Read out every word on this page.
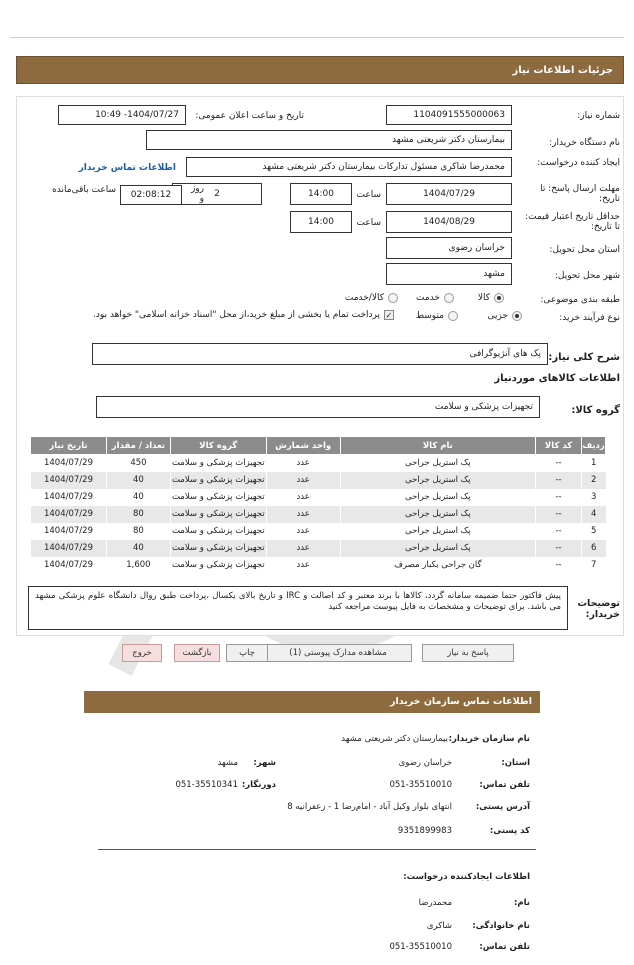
جزئیات اطلاعات نیاز
شماره نیاز:
1104091555000063
تاریخ و ساعت اعلان عمومی:
1404/07/27- 10:49
نام دستگاه خریدار:
بیمارستان دکتر شریعتی مشهد
ایجاد کننده درخواست:
محمدرضا شاکری مسئول تدارکات بیمارستان دکتر شریعتی مشهد
اطلاعات تماس خریدار
مهلت ارسال پاسخ: تا تاریخ:
1404/07/29
ساعت
14:00
2
روز و
02:08:12
ساعت باقی‌مانده
حداقل تاریخ اعتبار قیمت: تا تاریخ:
1404/08/29
ساعت
14:00
استان محل تحویل:
خراسان رضوی
شهر محل تحویل:
مشهد
طبقه بندی موضوعی:
کالا
خدمت
کالا/خدمت
نوع فرآیند خرید:
جزیی
متوسط
✓
پرداخت تمام یا بخشی از مبلغ خرید،از محل "اسناد خزانه اسلامی" خواهد بود.
شرح کلی نیاز:
پک های آنژیوگرافی
اطلاعات کالاهای موردنیاز
گروه کالا:
تجهیزات پزشکی و سلامت
ردیف	کد کالا	نام کالا	واحد شمارش	گروه کالا	تعداد / مقدار	تاریخ نیاز
1	--	پک استریل جراحی	عدد	تجهیزات پزشکی و سلامت	450	1404/07/29
2	--	پک استریل جراحی	عدد	تجهیزات پزشکی و سلامت	40	1404/07/29
3	--	پک استریل جراحی	عدد	تجهیزات پزشکی و سلامت	40	1404/07/29
4	--	پک استریل جراحی	عدد	تجهیزات پزشکی و سلامت	80	1404/07/29
5	--	پک استریل جراحی	عدد	تجهیزات پزشکی و سلامت	80	1404/07/29
6	--	پک استریل جراحی	عدد	تجهیزات پزشکی و سلامت	40	1404/07/29
7	--	گان جراحی یکبار مصرف	عدد	تجهیزات پزشکی و سلامت	1,600	1404/07/29
توضیحات خریدار:
پیش فاکتور حتما ضمیمه سامانه گردد، کالاها با برند معتبر و کد اصالت و IRC و تاریخ بالای یکسال ،پرداخت طبق روال دانشگاه علوم پزشکی مشهد می باشد. برای توضیحات و مشخصات به فایل پیوست مراجعه کنید
پاسخ به نیاز
مشاهده مدارک پیوستی (1)
چاپ
بازگشت
خروج
اطلاعات تماس سازمان خریدار
نام سازمان خریدار:
بیمارستان دکتر شریعتی مشهد
استان:
خراسان رضوی
شهر:
مشهد
تلفن تماس:
051-35510010
دورنگار:
051-35510341
آدرس پستی:
انتهای بلوار وکیل آباد - امام‌رضا 1 - زعفرانیه 8
کد پستی:
9351899983
اطلاعات ایجاد‌کننده درخواست:
نام:
محمدرضا
نام خانوادگی:
شاکری
تلفن تماس:
051-35510010
